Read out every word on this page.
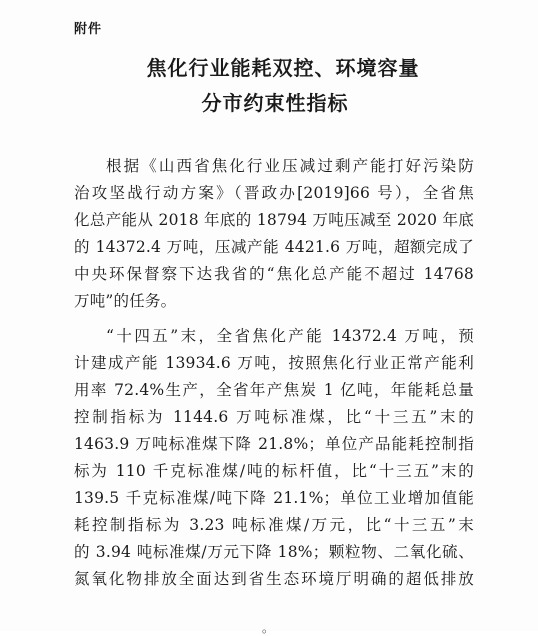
附件
焦化行业能耗双控、环境容量
分市约束性指标
根据《山西省焦化行业压减过剩产能打好污染防
治攻坚战行动方案》（晋政办[2019]66 号），全省焦
化总产能从 2018 年底的 18794 万吨压减至 2020 年底
的 14372.4 万吨，压减产能 4421.6 万吨，超额完成了
中央环保督察下达我省的“焦化总产能不超过 14768
万吨”的任务。
“十四五”末，全省焦化产能 14372.4 万吨，预
计建成产能 13934.6 万吨，按照焦化行业正常产能利
用率 72.4%生产，全省年产焦炭 1 亿吨，年能耗总量
控制指标为 1144.6 万吨标准煤，比“十三五”末的
1463.9 万吨标准煤下降 21.8%；单位产品能耗控制指
标为 110 千克标准煤/吨的标杆值，比“十三五”末的
139.5 千克标准煤/吨下降 21.1%；单位工业增加值能
耗控制指标为 3.23 吨标准煤/万元，比“十三五”末
的 3.94 吨标准煤/万元下降 18%；颗粒物、二氧化硫、
氮氧化物排放全面达到省生态环境厅明确的超低排放
。
